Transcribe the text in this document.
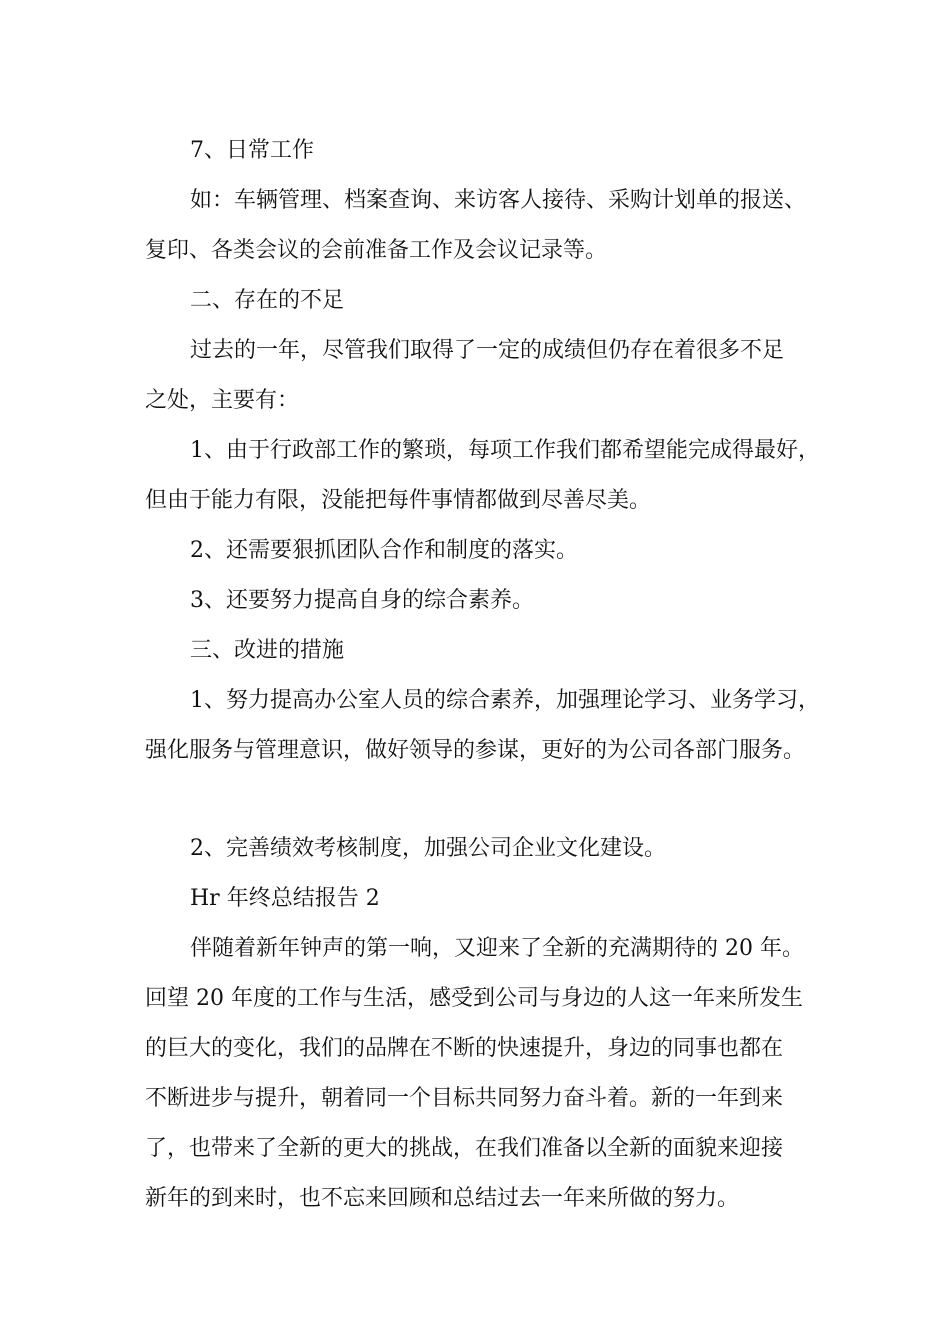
7、日常工作
如：车辆管理、档案查询、来访客人接待、采购计划单的报送、
复印、各类会议的会前准备工作及会议记录等。
二、存在的不足
过去的一年，尽管我们取得了一定的成绩但仍存在着很多不足
之处，主要有：
1、由于行政部工作的繁琐，每项工作我们都希望能完成得最好，
但由于能力有限，没能把每件事情都做到尽善尽美。
2、还需要狠抓团队合作和制度的落实。
3、还要努力提高自身的综合素养。
三、改进的措施
1、努力提高办公室人员的综合素养，加强理论学习、业务学习，
强化服务与管理意识，做好领导的参谋，更好的为公司各部门服务。
2、完善绩效考核制度，加强公司企业文化建设。
Hr 年终总结报告 2
伴随着新年钟声的第一响，又迎来了全新的充满期待的 20 年。
回望 20 年度的工作与生活，感受到公司与身边的人这一年来所发生
的巨大的变化，我们的品牌在不断的快速提升，身边的同事也都在
不断进步与提升，朝着同一个目标共同努力奋斗着。新的一年到来
了，也带来了全新的更大的挑战，在我们准备以全新的面貌来迎接
新年的到来时，也不忘来回顾和总结过去一年来所做的努力。
